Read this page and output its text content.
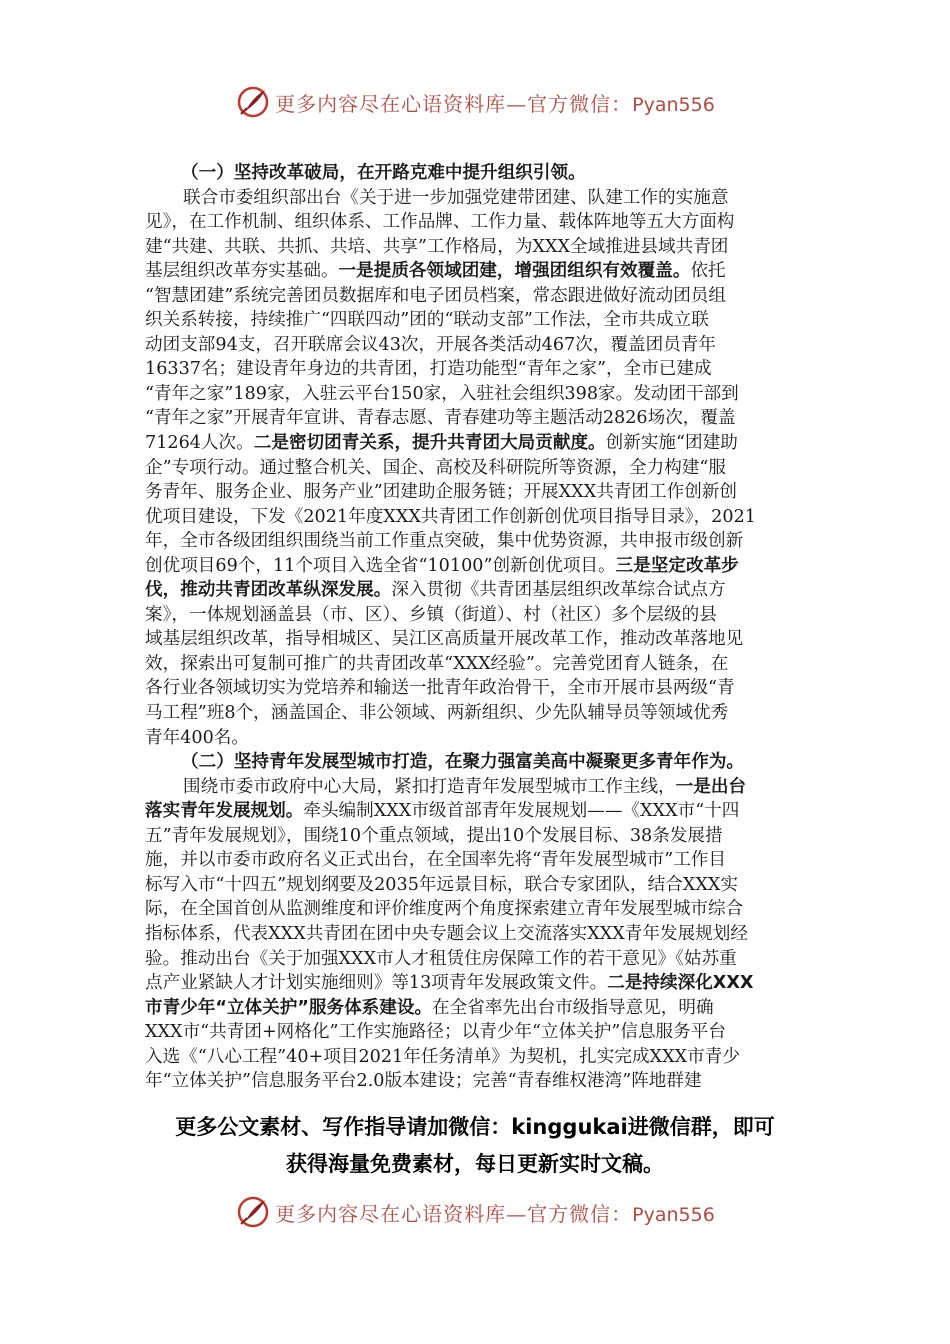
更多内容尽在心语资料库—官方微信：Pyan556
（一）坚持改革破局，在开路克难中提升组织引领。
联合市委组织部出台《关于进一步加强党建带团建、队建工作的实施意
见》，在工作机制、组织体系、工作品牌、工作力量、载体阵地等五大方面构
建“共建、共联、共抓、共培、共享”工作格局，为XXX全域推进县域共青团
基层组织改革夯实基础。一是提质各领域团建，增强团组织有效覆盖。依托
“智慧团建”系统完善团员数据库和电子团员档案，常态跟进做好流动团员组
织关系转接，持续推广“四联四动”团的“联动支部”工作法，全市共成立联
动团支部94支，召开联席会议43次，开展各类活动467次，覆盖团员青年
16337名；建设青年身边的共青团，打造功能型“青年之家”，全市已建成
“青年之家”189家，入驻云平台150家，入驻社会组织398家。发动团干部到
“青年之家”开展青年宣讲、青春志愿、青春建功等主题活动2826场次，覆盖
71264人次。二是密切团青关系，提升共青团大局贡献度。创新实施“团建助
企”专项行动。通过整合机关、国企、高校及科研院所等资源，全力构建“服
务青年、服务企业、服务产业”团建助企服务链；开展XXX共青团工作创新创
优项目建设，下发《2021年度XXX共青团工作创新创优项目指导目录》，2021
年，全市各级团组织围绕当前工作重点突破，集中优势资源，共申报市级创新
创优项目69个，11个项目入选全省“10100”创新创优项目。三是坚定改革步
伐，推动共青团改革纵深发展。深入贯彻《共青团基层组织改革综合试点方
案》，一体规划涵盖县（市、区）、乡镇（街道）、村（社区）多个层级的县
域基层组织改革，指导相城区、吴江区高质量开展改革工作，推动改革落地见
效，探索出可复制可推广的共青团改革“XXX经验”。完善党团育人链条，在
各行业各领域切实为党培养和输送一批青年政治骨干，全市开展市县两级“青
马工程”班8个，涵盖国企、非公领域、两新组织、少先队辅导员等领域优秀
青年400名。
（二）坚持青年发展型城市打造，在聚力强富美高中凝聚更多青年作为。
围绕市委市政府中心大局，紧扣打造青年发展型城市工作主线，一是出台
落实青年发展规划。牵头编制XXX市级首部青年发展规划——《XXX市“十四
五”青年发展规划》，围绕10个重点领域，提出10个发展目标、38条发展措
施，并以市委市政府名义正式出台，在全国率先将“青年发展型城市”工作目
标写入市“十四五”规划纲要及2035年远景目标，联合专家团队，结合XXX实
际，在全国首创从监测维度和评价维度两个角度探索建立青年发展型城市综合
指标体系，代表XXX共青团在团中央专题会议上交流落实XXX青年发展规划经
验。推动出台《关于加强XXX市人才租赁住房保障工作的若干意见》《姑苏重
点产业紧缺人才计划实施细则》等13项青年发展政策文件。二是持续深化XXX
市青少年“立体关护”服务体系建设。在全省率先出台市级指导意见，明确
XXX市“共青团+网格化”工作实施路径；以青少年“立体关护”信息服务平台
入选《“八心工程”40+项目2021年任务清单》为契机，扎实完成XXX市青少
年“立体关护”信息服务平台2.0版本建设；完善“青春维权港湾”阵地群建
更多公文素材、写作指导请加微信：kinggukai进微信群，即可
获得海量免费素材，每日更新实时文稿。
更多内容尽在心语资料库—官方微信：Pyan556
